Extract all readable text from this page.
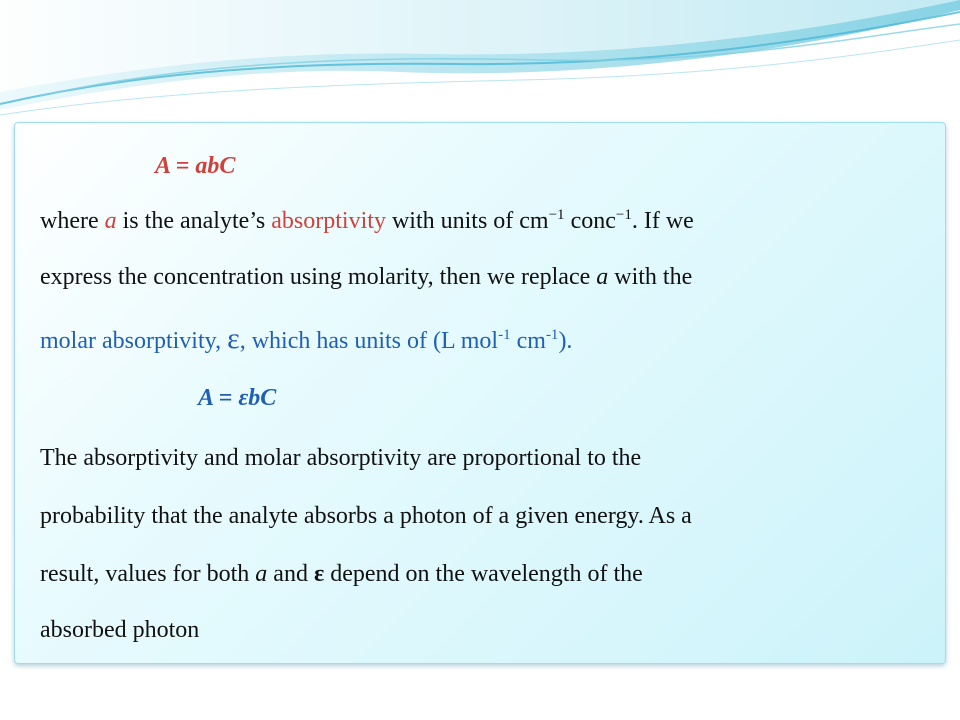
A = abC
where a is the analyte’s absorptivity with units of $cm^{-1}$ conc$^{-1}$. If we
express the concentration using molarity, then we replace a with the
molar absorptivity, ε, which has units of (L mol$^{-1}$ $cm^{-1}$).
A = εbC
The absorptivity and molar absorptivity are proportional to the
probability that the analyte absorbs a photon of a given energy. As a
result, values for both a and ε depend on the wavelength of the
absorbed photon
